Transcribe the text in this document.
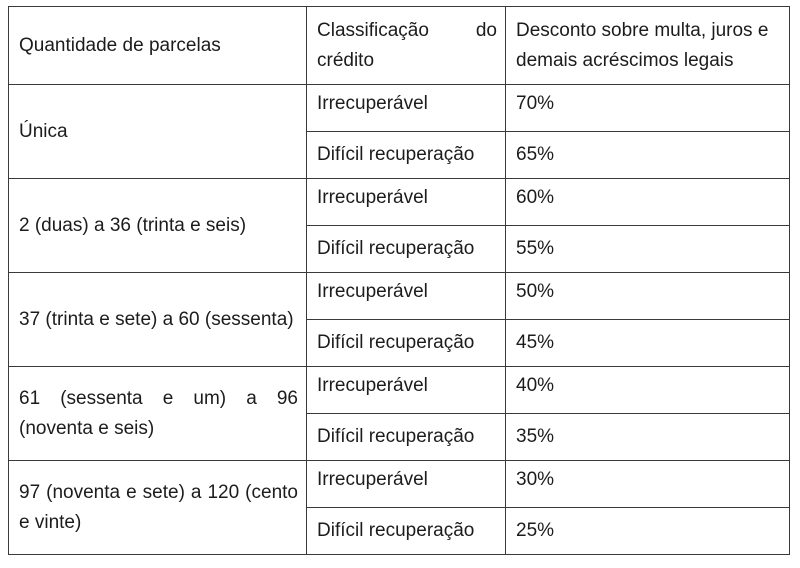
Quantidade de parcelas	Classificação do crédito	Desconto sobre multa, juros e demais acréscimos legais

Única	Irrecuperável	70%

	Difícil recuperação	65%

2 (duas) a 36 (trinta e seis)	Irrecuperável	60%

	Difícil recuperação	55%

37 (trinta e sete) a 60 (sessenta)	Irrecuperável	50%

	Difícil recuperação	45%

61 (sessenta e um) a 96 (noventa e seis)	Irrecuperável	40%

	Difícil recuperação	35%

97 (noventa e sete) a 120 (cento e vinte)	Irrecuperável	30%

	Difícil recuperação	25%
